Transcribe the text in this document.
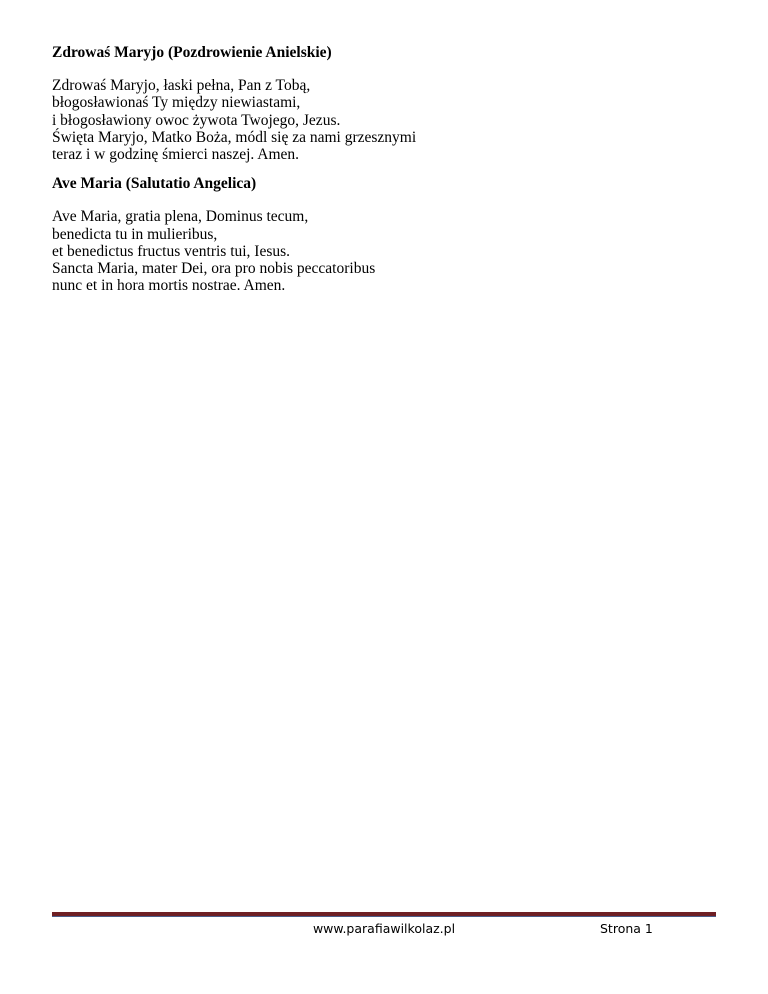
Zdrowaś Maryjo (Pozdrowienie Anielskie)

Zdrowaś Maryjo, łaski pełna, Pan z Tobą,
błogosławionaś Ty między niewiastami,
i błogosławiony owoc żywota Twojego, Jezus.
Święta Maryjo, Matko Boża, módl się za nami grzesznymi
teraz i w godzinę śmierci naszej. Amen.

Ave Maria (Salutatio Angelica)

Ave Maria, gratia plena, Dominus tecum,
benedicta tu in mulieribus,
et benedictus fructus ventris tui, Iesus.
Sancta Maria, mater Dei, ora pro nobis peccatoribus
nunc et in hora mortis nostrae. Amen.
www.parafiawilkolaz.pl	Strona 1
